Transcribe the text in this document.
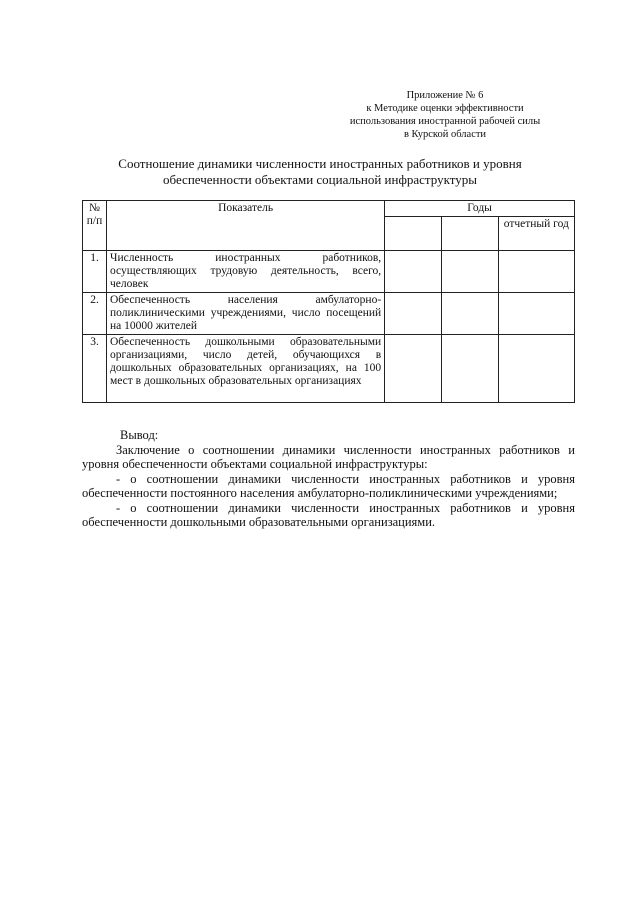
Приложение № 6
к Методике оценки эффективности
использования иностранной рабочей силы
в Курской области
Соотношение динамики численности иностранных работников и уровня
обеспеченности объектами социальной инфраструктуры
№ п/п	Показатель	Годы		
				отчетный год
1.	Численность иностранных работников, осуществляющих трудовую деятельность, всего, человек			
2.	Обеспеченность населения амбулаторно-поликлиническими учреждениями, число посещений на 10000 жителей			
3.	Обеспеченность дошкольными образовательными организациями, число детей, обучающихся в дошкольных образовательных организациях, на 100 мест в дошкольных образовательных организациях			

Вывод:

Заключение о соотношении динамики численности иностранных работников и уровня обеспеченности объектами социальной инфраструктуры:

- о соотношении динамики численности иностранных работников и уровня обеспеченности постоянного населения амбулаторно-поликлиническими учреждениями;

- о соотношении динамики численности иностранных работников и уровня обеспеченности дошкольными образовательными организациями.
